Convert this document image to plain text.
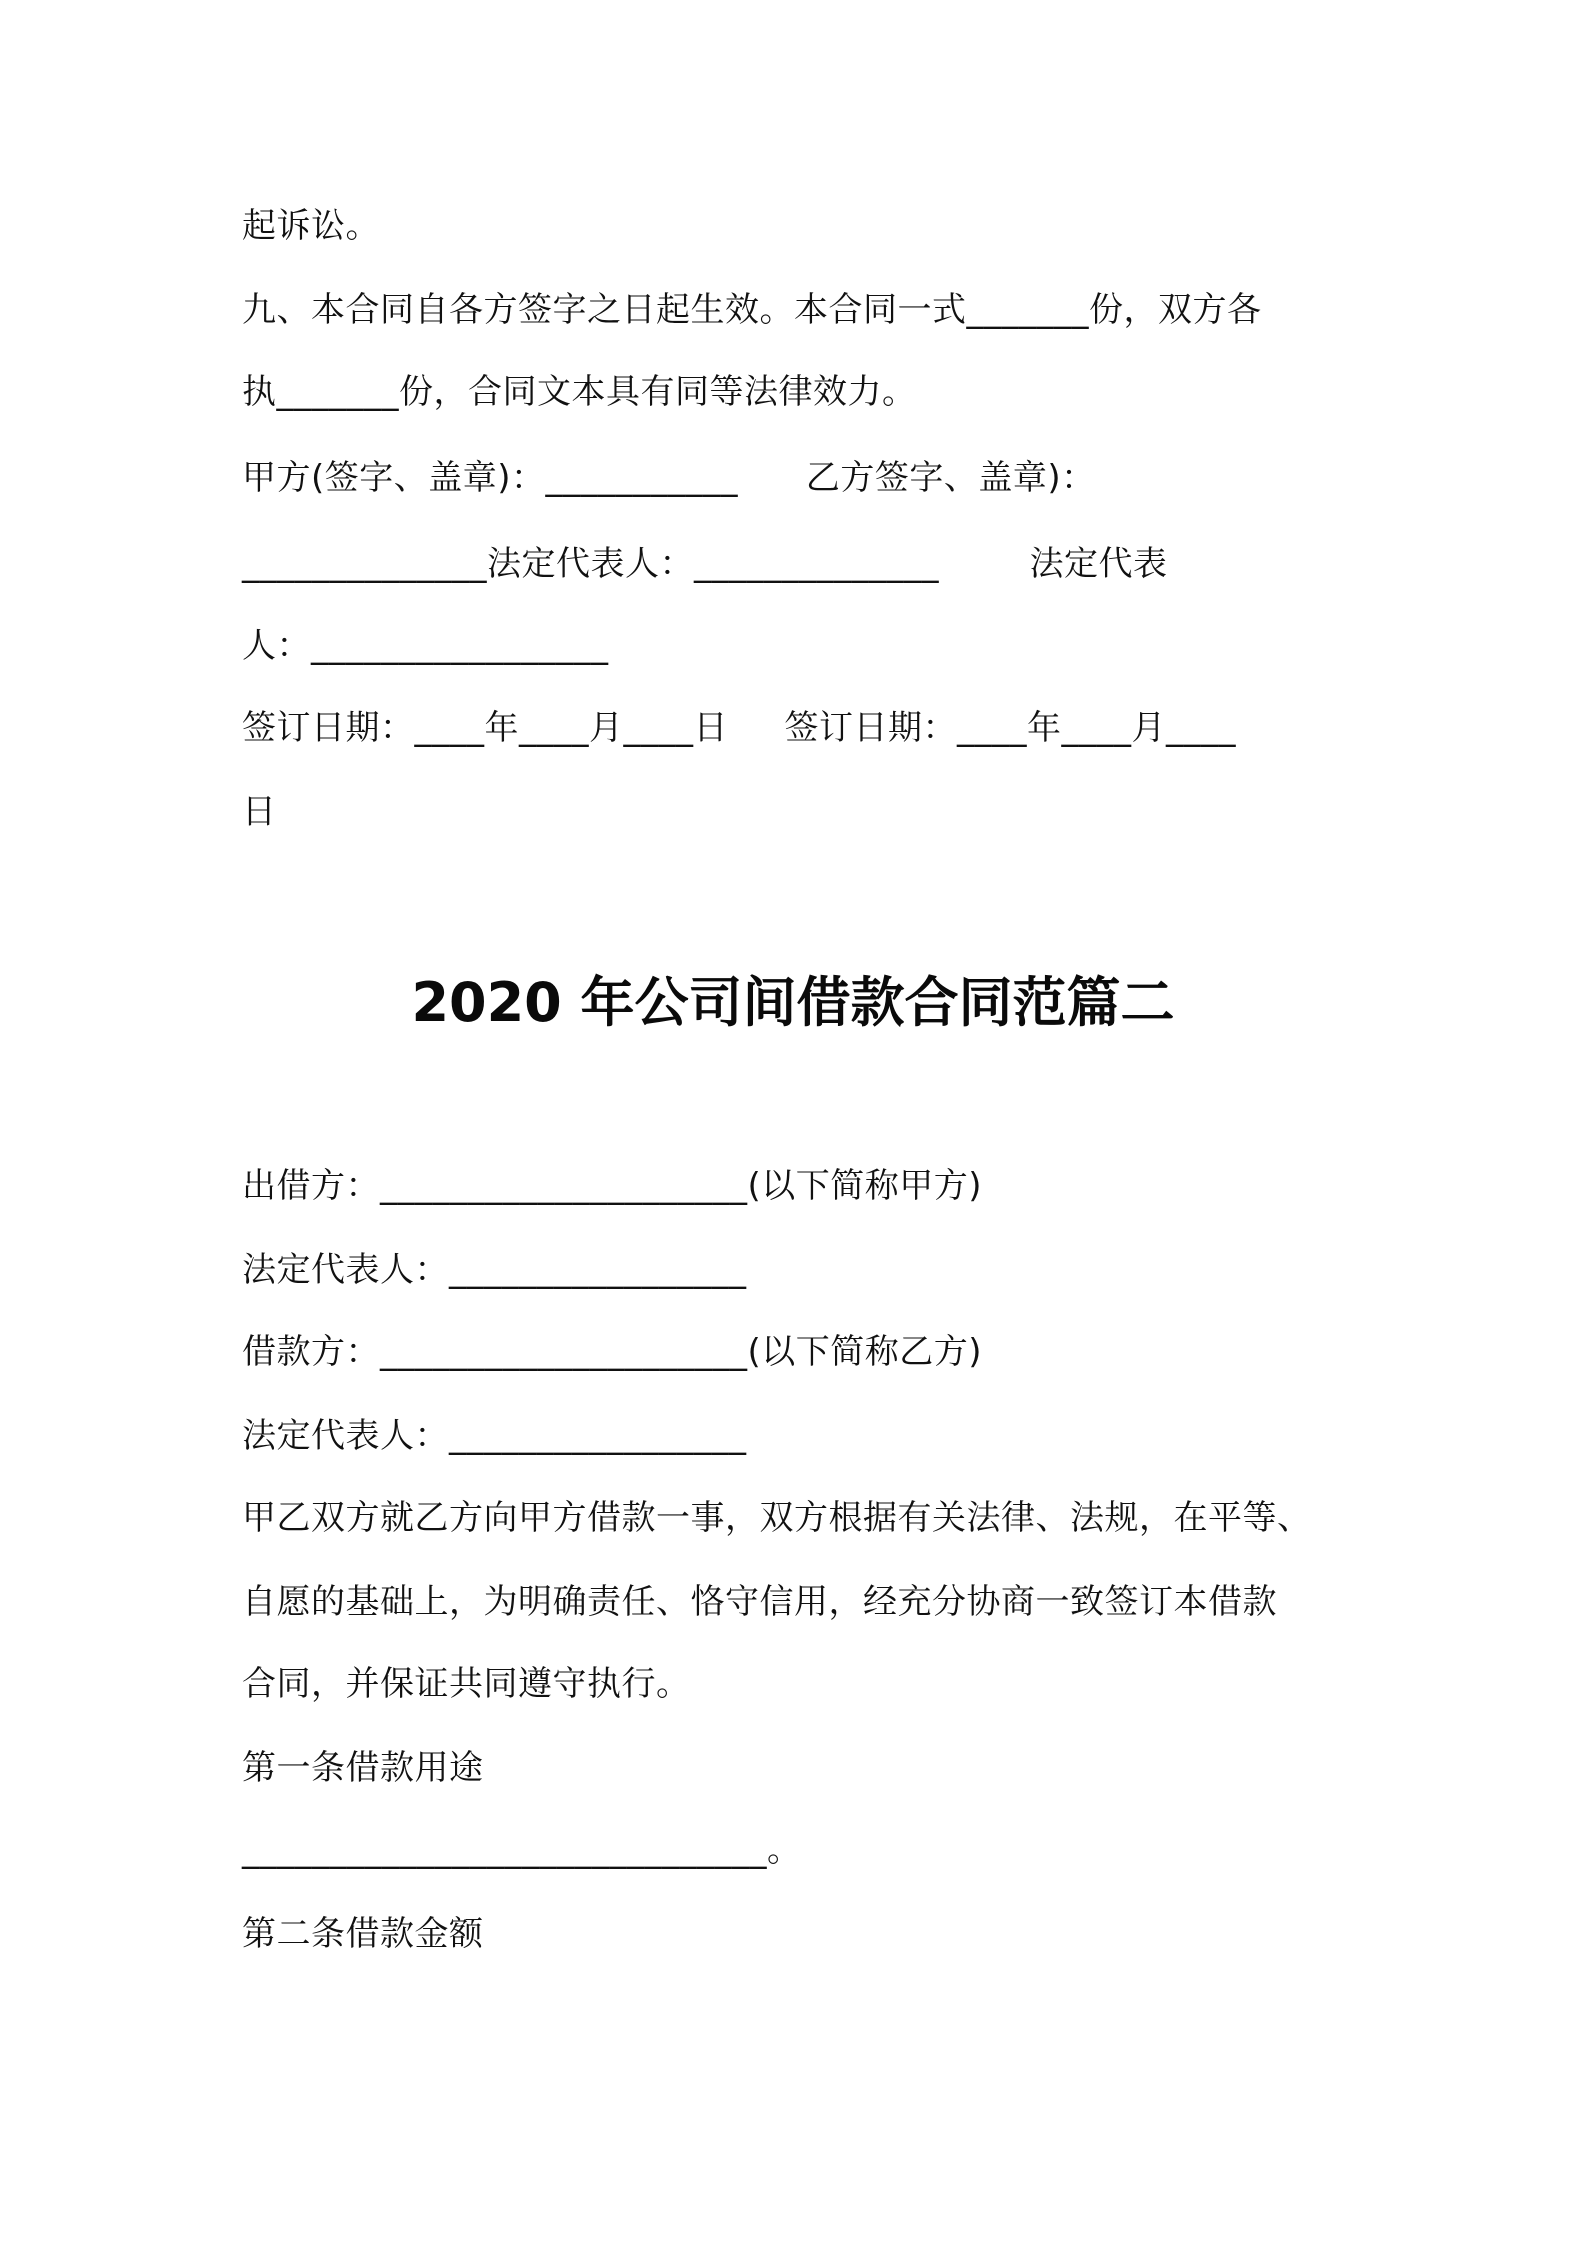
起诉讼。
九、本合同自各方签字之日起生效。本合同一式_______份，双方各
执_______份，合同文本具有同等法律效力。
甲方(签字、盖章)：___________      乙方签字、盖章)：
______________法定代表人：______________        法定代表
人：_________________
签订日期：____年____月____日     签订日期：____年____月____
日
2020 年公司间借款合同范篇二
出借方：_____________________(以下简称甲方)
法定代表人：_________________
借款方：_____________________(以下简称乙方)
法定代表人：_________________
甲乙双方就乙方向甲方借款一事，双方根据有关法律、法规，在平等、
自愿的基础上，为明确责任、恪守信用，经充分协商一致签订本借款
合同，并保证共同遵守执行。
第一条借款用途
______________________________。
第二条借款金额
